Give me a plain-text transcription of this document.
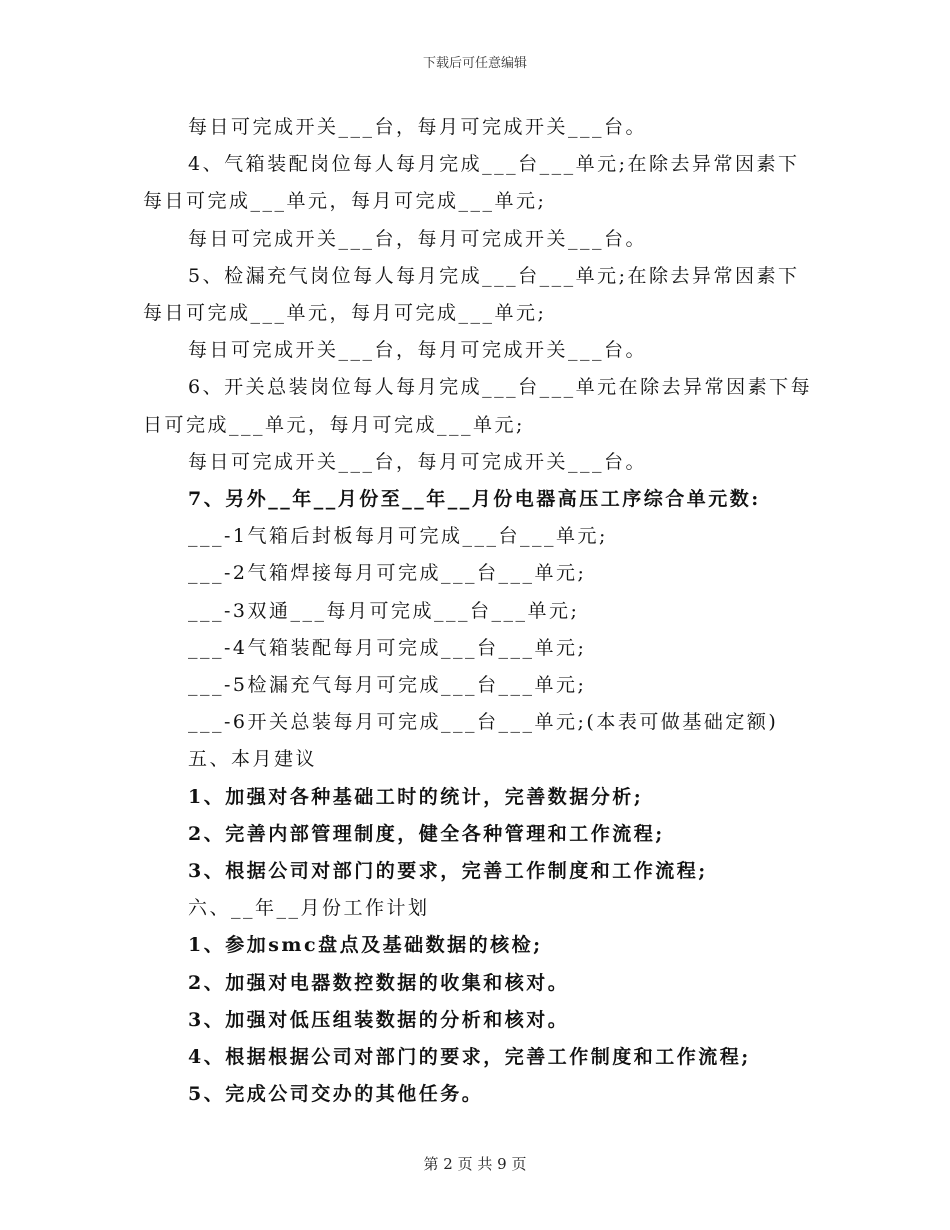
下载后可任意编辑
每日可完成开关___台，每月可完成开关___台。
4、气箱装配岗位每人每月完成___台___单元;在除去异常因素下
每日可完成___单元，每月可完成___单元;
每日可完成开关___台，每月可完成开关___台。
5、检漏充气岗位每人每月完成___台___单元;在除去异常因素下
每日可完成___单元，每月可完成___单元;
每日可完成开关___台，每月可完成开关___台。
6、开关总装岗位每人每月完成___台___单元在除去异常因素下每
日可完成___单元，每月可完成___单元;
每日可完成开关___台，每月可完成开关___台。
7、另外__年__月份至__年__月份电器高压工序综合单元数:
___-1气箱后封板每月可完成___台___单元;
___-2气箱焊接每月可完成___台___单元;
___-3双通___每月可完成___台___单元;
___-4气箱装配每月可完成___台___单元;
___-5检漏充气每月可完成___台___单元;
___-6开关总装每月可完成___台___单元;(本表可做基础定额)
五、本月建议
1、加强对各种基础工时的统计，完善数据分析;
2、完善内部管理制度，健全各种管理和工作流程;
3、根据公司对部门的要求，完善工作制度和工作流程;
六、__年__月份工作计划
1、参加smc盘点及基础数据的核检;
2、加强对电器数控数据的收集和核对。
3、加强对低压组装数据的分析和核对。
4、根据根据公司对部门的要求，完善工作制度和工作流程;
5、完成公司交办的其他任务。
第 2 页 共 9 页
